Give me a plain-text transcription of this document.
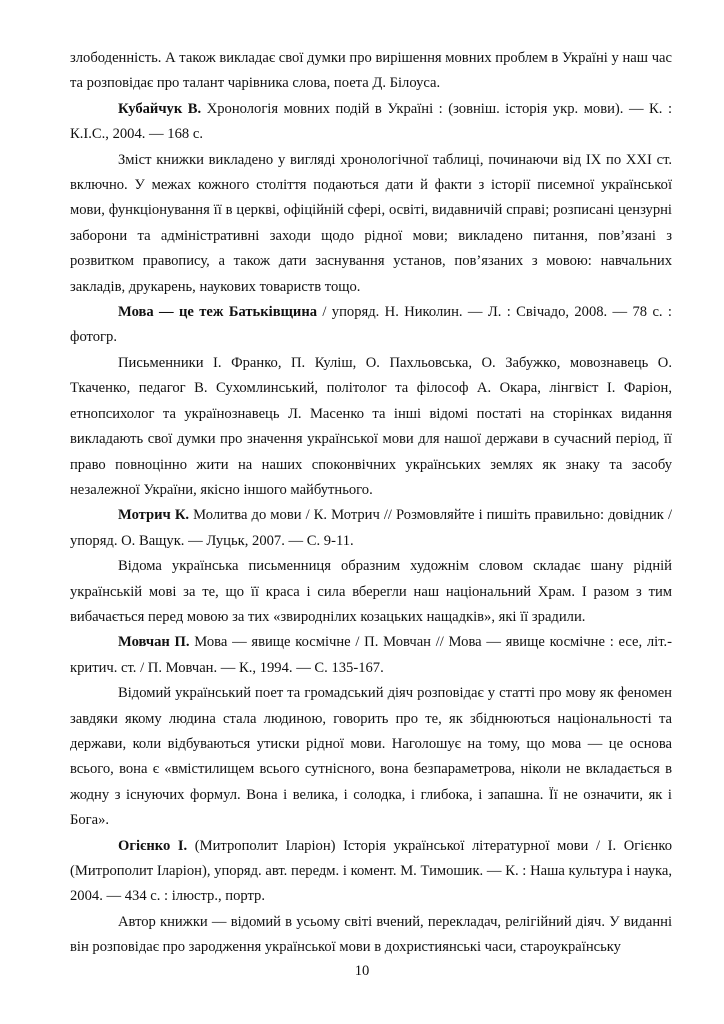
злободенність. А також викладає свої думки про вирішення мовних проблем в Україні у наш час та розповідає про талант чарівника слова, поета Д. Білоуса.

Кубайчук В. Хронологія мовних подій в Україні : (зовніш. історія укр. мови). — К. : К.І.С., 2004. — 168 с.

Зміст книжки викладено у вигляді хронологічної таблиці, починаючи від ІХ по ХХІ ст. включно. У межах кожного століття подаються дати й факти з історії писемної української мови, функціонування її в церкві, офіційній сфері, освіті, видавничій справі; розписані цензурні заборони та адміністративні заходи щодо рідної мови; викладено питання, пов’язані з розвитком правопису, а також дати заснування установ, пов’язаних з мовою: навчальних закладів, друкарень, наукових товариств тощо.

Мова — це теж Батьківщина / упоряд. Н. Николин. — Л. : Свічадо, 2008. — 78 с. : фотогр.

Письменники І. Франко, П. Куліш, О. Пахльовська, О. Забужко, мовознавець О. Ткаченко, педагог В. Сухомлинський, політолог та філософ А. Окара, лінгвіст І. Фаріон, етнопсихолог та українознавець Л. Масенко та інші відомі постаті на сторінках видання викладають свої думки про значення української мови для нашої держави в сучасний період, її право повноцінно жити на наших споконвічних українських землях як знаку та засобу незалежної України, якісно іншого майбутнього.

Мотрич К. Молитва до мови / К. Мотрич // Розмовляйте і пишіть правильно: довідник / упоряд. О. Ващук. — Луцьк, 2007. — С. 9-11.

Відома українська письменниця образним художнім словом складає шану рідній українській мові за те, що її краса і сила вберегли наш національний Храм. І разом з тим вибачається перед мовою за тих «звироднілих козацьких нащадків», які її зрадили.

Мовчан П. Мова — явище космічне / П. Мовчан // Мова — явище космічне : есе, літ.-критич. ст. / П. Мовчан. — К., 1994. — С. 135-167.

Відомий український поет та громадський діяч розповідає у статті про мову як феномен завдяки якому людина стала людиною, говорить про те, як збіднюються національності та держави, коли відбуваються утиски рідної мови. Наголошує на тому, що мова — це основа всього, вона є «вмістилищем всього сутнісного, вона безпараметрова, ніколи не вкладається в жодну з існуючих формул. Вона і велика, і солодка, і глибока, і запашна. Її не означити, як і Бога».

Огієнко І. (Митрополит Іларіон) Історія української літературної мови / І. Огієнко (Митрополит Іларіон), упоряд. авт. передм. і комент. М. Тимошик. — К. : Наша культура і наука, 2004. — 434 с. : ілюстр., портр.

Автор книжки — відомий в усьому світі вчений, перекладач, релігійний діяч. У виданні він розповідає про зародження української мови в дохристиянські часи, староукраїнську

10
